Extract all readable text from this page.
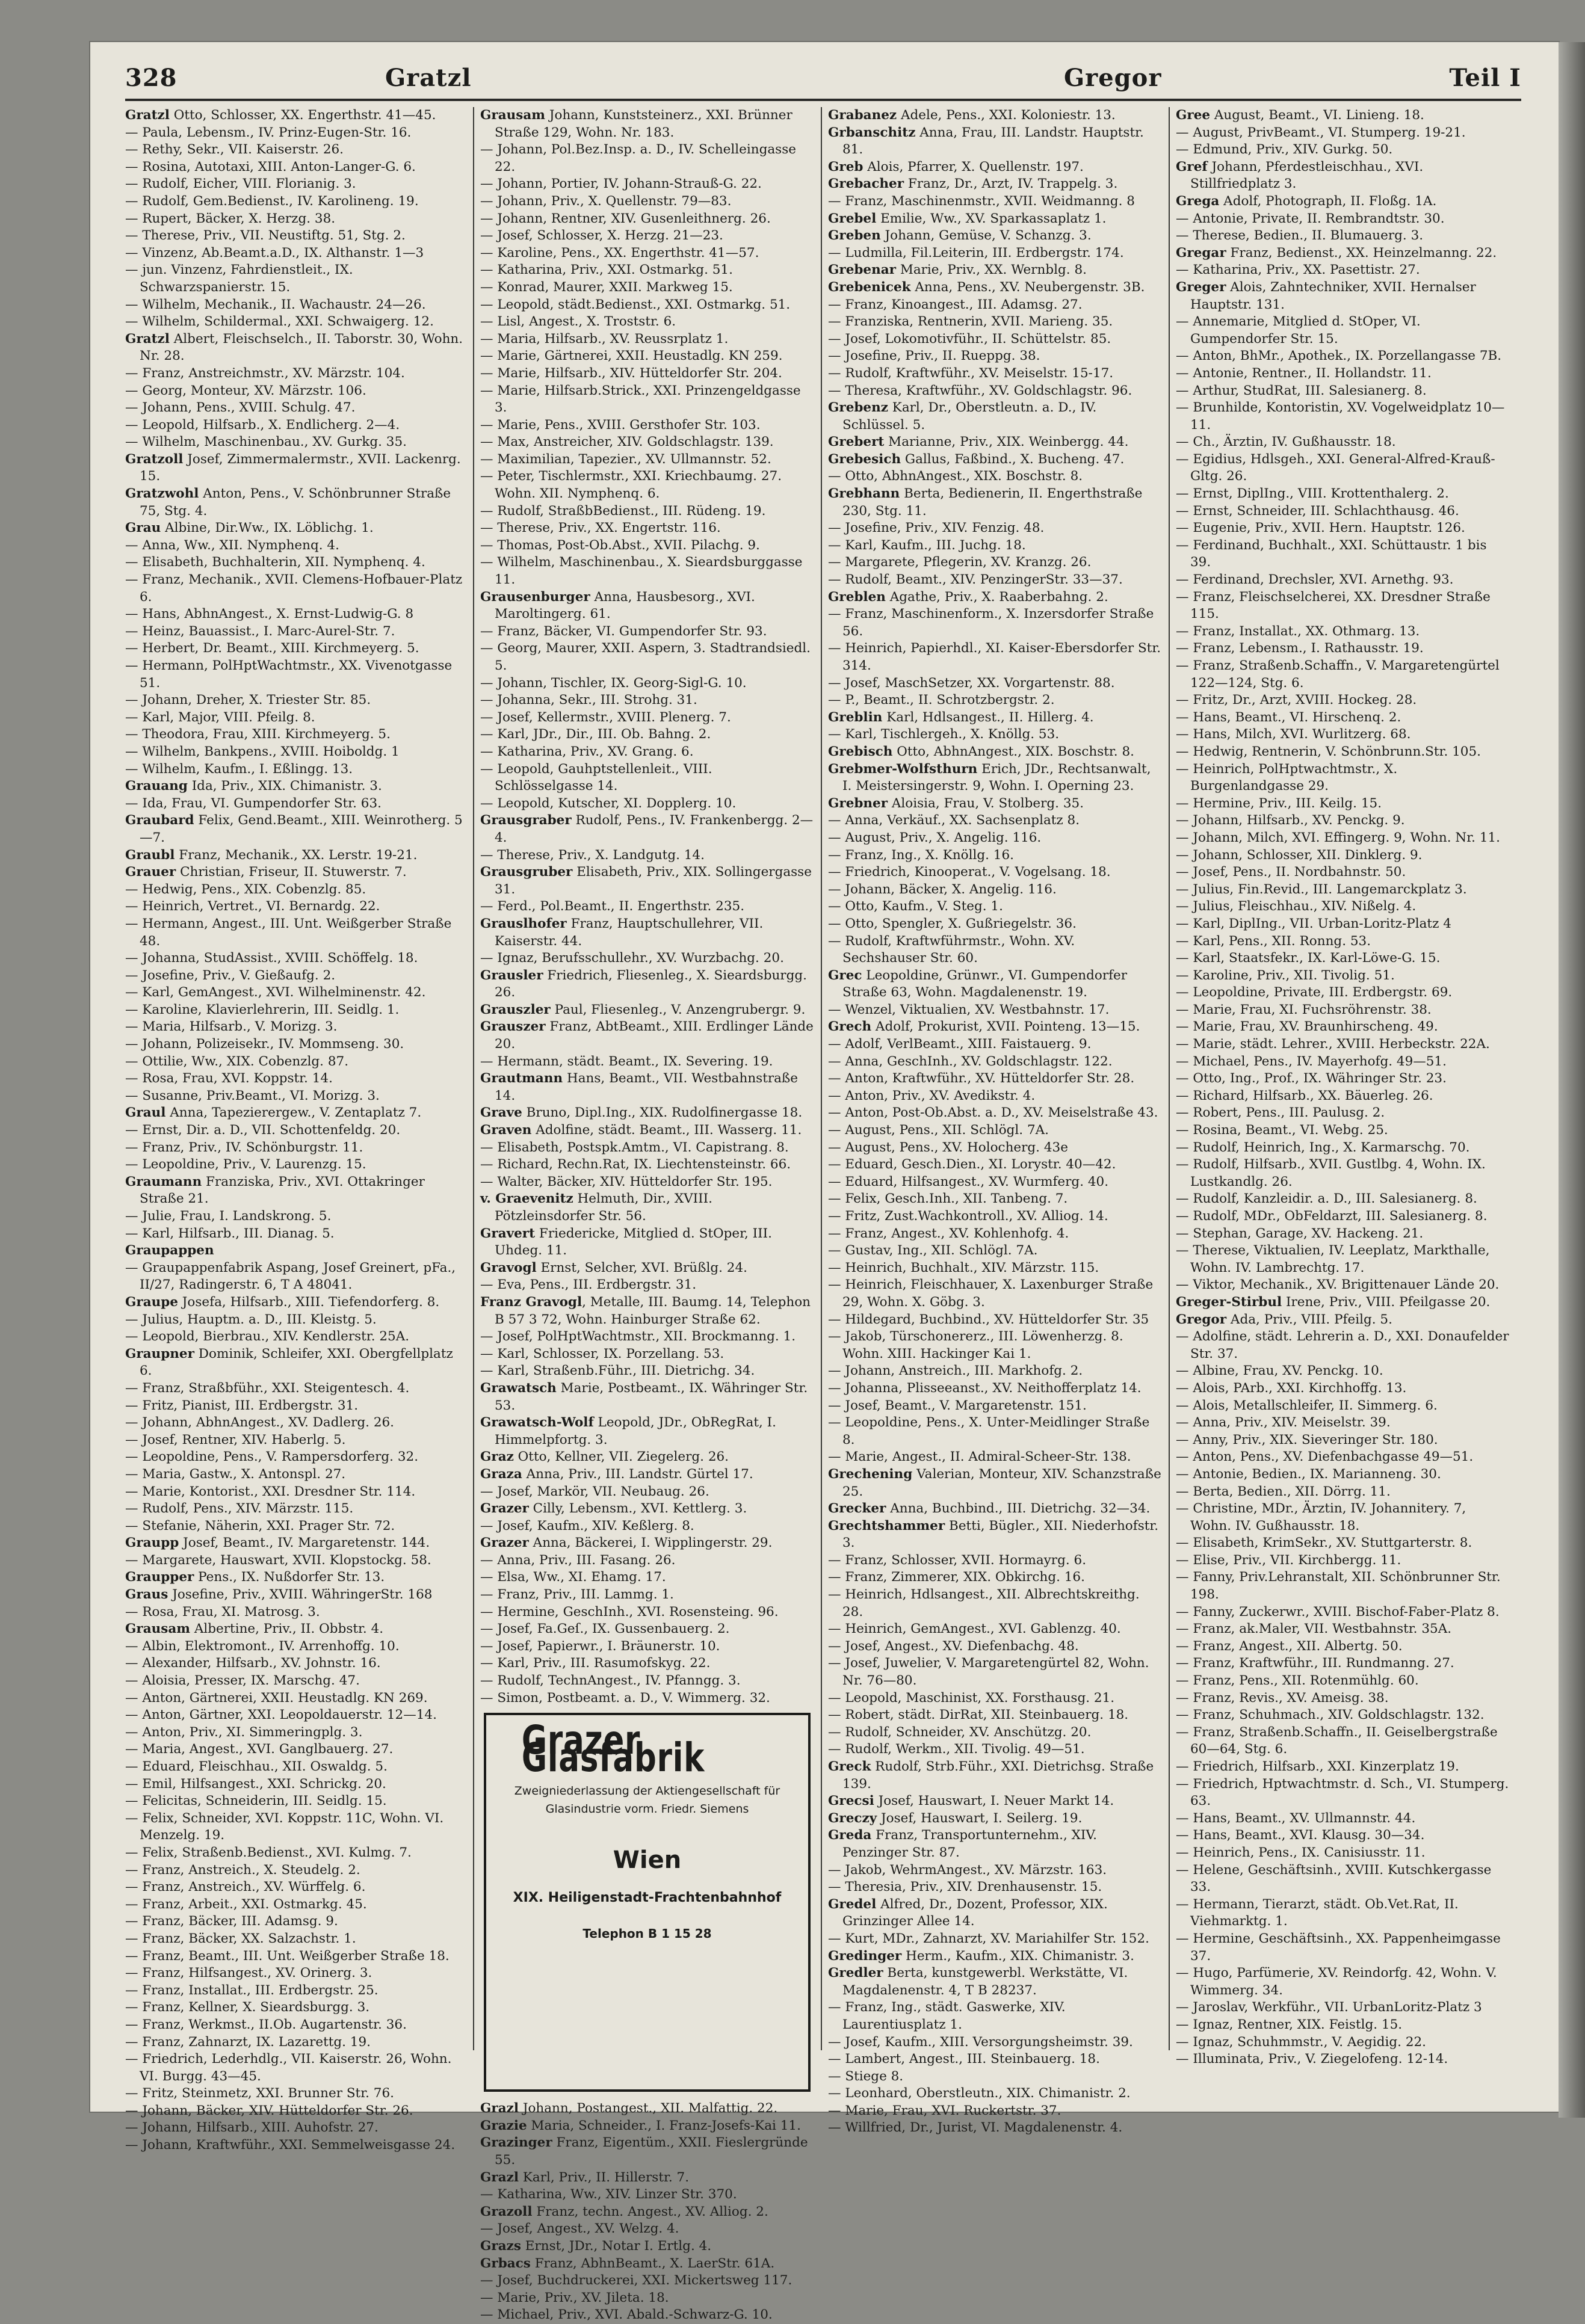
328	Gratzl	Gregor	Teil I

Gratzl Otto, Schlosser, XX. Engerthstr. 41—45.

— Paula, Lebensm., IV. Prinz-Eugen-Str. 16.

— Rethy, Sekr., VII. Kaiserstr. 26.

— Rosina, Autotaxi, XIII. Anton-Langer-G. 6.

— Rudolf, Eicher, VIII. Florianig. 3.

— Rudolf, Gem.Bedienst., IV. Karolineng. 19.

— Rupert, Bäcker, X. Herzg. 38.

— Therese, Priv., VII. Neustiftg. 51, Stg. 2.

— Vinzenz, Ab.Beamt.a.D., IX. Althanstr. 1—3

— jun. Vinzenz, Fahrdienstleit., IX. Schwarzspanierstr. 15.

— Wilhelm, Mechanik., II. Wachaustr. 24—26.

— Wilhelm, Schildermal., XXI. Schwaigerg. 12.

Gratzl Albert, Fleischselch., II. Taborstr. 30, Wohn. Nr. 28.

— Franz, Anstreichmstr., XV. Märzstr. 104.

— Georg, Monteur, XV. Märzstr. 106.

— Johann, Pens., XVIII. Schulg. 47.

— Leopold, Hilfsarb., X. Endlicherg. 2—4.

— Wilhelm, Maschinenbau., XV. Gurkg. 35.

Gratzoll Josef, Zimmermalermstr., XVII. Lackenrg. 15.

Gratzwohl Anton, Pens., V. Schönbrunner Straße 75, Stg. 4.

Grau Albine, Dir.Ww., IX. Löblichg. 1.

— Anna, Ww., XII. Nymphenq. 4.

— Elisabeth, Buchhalterin, XII. Nymphenq. 4.

— Franz, Mechanik., XVII. Clemens-Hofbauer-Platz 6.

— Hans, AbhnAngest., X. Ernst-Ludwig-G. 8

— Heinz, Bauassist., I. Marc-Aurel-Str. 7.

— Herbert, Dr. Beamt., XIII. Kirchmeyerg. 5.

— Hermann, PolHptWachtmstr., XX. Vivenotgasse 51.

— Johann, Dreher, X. Triester Str. 85.

— Karl, Major, VIII. Pfeilg. 8.

— Theodora, Frau, XIII. Kirchmeyerg. 5.

— Wilhelm, Bankpens., XVIII. Hoiboldg. 1

— Wilhelm, Kaufm., I. Eßlingg. 13.

Grauang Ida, Priv., XIX. Chimanistr. 3.

— Ida, Frau, VI. Gumpendorfer Str. 63.

Graubard Felix, Gend.Beamt., XIII. Weinrotherg. 5—7.

Graubl Franz, Mechanik., XX. Lerstr. 19-21.

Grauer Christian, Friseur, II. Stuwerstr. 7.

— Hedwig, Pens., XIX. Cobenzlg. 85.

— Heinrich, Vertret., VI. Bernardg. 22.

— Hermann, Angest., III. Unt. Weißgerber Straße 48.

— Johanna, StudAssist., XVIII. Schöffelg. 18.

— Josefine, Priv., V. Gießaufg. 2.

— Karl, GemAngest., XVI. Wilhelminenstr. 42.

— Karoline, Klavierlehrerin, III. Seidlg. 1.

— Maria, Hilfsarb., V. Morizg. 3.

— Johann, Polizeisekr., IV. Mommseng. 30.

— Ottilie, Ww., XIX. Cobenzlg. 87.

— Rosa, Frau, XVI. Koppstr. 14.

— Susanne, Priv.Beamt., VI. Morizg. 3.

Graul Anna, Tapezierergew., V. Zentaplatz 7.

— Ernst, Dir. a. D., VII. Schottenfeldg. 20.

— Franz, Priv., IV. Schönburgstr. 11.

— Leopoldine, Priv., V. Laurenzg. 15.

Graumann Franziska, Priv., XVI. Ottakringer Straße 21.

— Julie, Frau, I. Landskrong. 5.

— Karl, Hilfsarb., III. Dianag. 5.

Graupappen

— Graupappenfabrik Aspang, Josef Greinert, pFa., II/27, Radingerstr. 6, T A 48041.

Graupe Josefa, Hilfsarb., XIII. Tiefendorferg. 8.

— Julius, Hauptm. a. D., III. Kleistg. 5.

— Leopold, Bierbrau., XIV. Kendlerstr. 25A.

Graupner Dominik, Schleifer, XXI. Obergfellplatz 6.

— Franz, Straßbführ., XXI. Steigentesch. 4.

— Fritz, Pianist, III. Erdbergstr. 31.

— Johann, AbhnAngest., XV. Dadlerg. 26.

— Josef, Rentner, XIV. Haberlg. 5.

— Leopoldine, Pens., V. Rampersdorferg. 32.

— Maria, Gastw., X. Antonspl. 27.

— Marie, Kontorist., XXI. Dresdner Str. 114.

— Rudolf, Pens., XIV. Märzstr. 115.

— Stefanie, Näherin, XXI. Prager Str. 72.

Graupp Josef, Beamt., IV. Margaretenstr. 144.

— Margarete, Hauswart, XVII. Klopstockg. 58.

Graupper Pens., IX. Nußdorfer Str. 13.

Graus Josefine, Priv., XVIII. WähringerStr. 168

— Rosa, Frau, XI. Matrosg. 3.

Grausam Albertine, Priv., II. Obbstr. 4.

— Albin, Elektromont., IV. Arrenhoffg. 10.

— Alexander, Hilfsarb., XV. Johnstr. 16.

— Aloisia, Presser, IX. Marschg. 47.

— Anton, Gärtnerei, XXII. Heustadlg. KN 269.

— Anton, Gärtner, XXI. Leopoldauerstr. 12—14.

— Anton, Priv., XI. Simmeringplg. 3.

— Maria, Angest., XVI. Ganglbauerg. 27.

— Eduard, Fleischhau., XII. Oswaldg. 5.

— Emil, Hilfsangest., XXI. Schrickg. 20.

— Felicitas, Schneiderin, III. Seidlg. 15.

— Felix, Schneider, XVI. Koppstr. 11C, Wohn. VI. Menzelg. 19.

— Felix, Straßenb.Bedienst., XVI. Kulmg. 7.

— Franz, Anstreich., X. Steudelg. 2.

— Franz, Anstreich., XV. Würffelg. 6.

— Franz, Arbeit., XXI. Ostmarkg. 45.

— Franz, Bäcker, III. Adamsg. 9.

— Franz, Bäcker, XX. Salzachstr. 1.

— Franz, Beamt., III. Unt. Weißgerber Straße 18.

— Franz, Hilfsangest., XV. Orinerg. 3.

— Franz, Installat., III. Erdbergstr. 25.

— Franz, Kellner, X. Sieardsburgg. 3.

— Franz, Werkmst., II.Ob. Augartenstr. 36.

— Franz, Zahnarzt, IX. Lazarettg. 19.

— Friedrich, Lederhdlg., VII. Kaiserstr. 26, Wohn. VI. Burgg. 43—45.

— Fritz, Steinmetz, XXI. Brunner Str. 76.

— Johann, Bäcker, XIV. Hütteldorfer Str. 26.

— Johann, Hilfsarb., XIII. Auhofstr. 27.

— Johann, Kraftwführ., XXI. Semmelweisgasse 24.

Grausam Johann, Kunststeinerz., XXI. Brünner Straße 129, Wohn. Nr. 183.

— Johann, Pol.Bez.Insp. a. D., IV. Schelleingasse 22.

— Johann, Portier, IV. Johann-Strauß-G. 22.

— Johann, Priv., X. Quellenstr. 79—83.

— Johann, Rentner, XIV. Gusenleithnerg. 26.

— Josef, Schlosser, X. Herzg. 21—23.

— Karoline, Pens., XX. Engerthstr. 41—57.

— Katharina, Priv., XXI. Ostmarkg. 51.

— Konrad, Maurer, XXII. Markweg 15.

— Leopold, städt.Bedienst., XXI. Ostmarkg. 51.

— Lisl, Angest., X. Troststr. 6.

— Maria, Hilfsarb., XV. Reussrplatz 1.

— Marie, Gärtnerei, XXII. Heustadlg. KN 259.

— Marie, Hilfsarb., XIV. Hütteldorfer Str. 204.

— Marie, Hilfsarb.Strick., XXI. Prinzengeldgasse 3.

— Marie, Pens., XVIII. Gersthofer Str. 103.

— Max, Anstreicher, XIV. Goldschlagstr. 139.

— Maximilian, Tapezier., XV. Ullmannstr. 52.

— Peter, Tischlermstr., XXI. Kriechbaumg. 27. Wohn. XII. Nymphenq. 6.

— Rudolf, StraßbBedienst., III. Rüdeng. 19.

— Therese, Priv., XX. Engertstr. 116.

— Thomas, Post-Ob.Abst., XVII. Pilachg. 9.

— Wilhelm, Maschinenbau., X. Sieardsburggasse 11.

Grausenburger Anna, Hausbesorg., XVI. Maroltingerg. 61.

— Franz, Bäcker, VI. Gumpendorfer Str. 93.

— Georg, Maurer, XXII. Aspern, 3. Stadtrandsiedl. 5.

— Johann, Tischler, IX. Georg-Sigl-G. 10.

— Johanna, Sekr., III. Strohg. 31.

— Josef, Kellermstr., XVIII. Plenerg. 7.

— Karl, JDr., Dir., III. Ob. Bahng. 2.

— Katharina, Priv., XV. Grang. 6.

— Leopold, Gauhptstellenleit., VIII. Schlösselgasse 14.

— Leopold, Kutscher, XI. Dopplerg. 10.

Grausgraber Rudolf, Pens., IV. Frankenbergg. 2—4.

— Therese, Priv., X. Landgutg. 14.

Grausgruber Elisabeth, Priv., XIX. Sollingergasse 31.

— Ferd., Pol.Beamt., II. Engerthstr. 235.

Grauslhofer Franz, Hauptschullehrer, VII. Kaiserstr. 44.

— Ignaz, Berufsschullehr., XV. Wurzbachg. 20.

Grausler Friedrich, Fliesenleg., X. Sieardsburgg. 26.

Grauszler Paul, Fliesenleg., V. Anzengrubergr. 9.

Grauszer Franz, AbtBeamt., XIII. Erdlinger Lände 20.

— Hermann, städt. Beamt., IX. Severing. 19.

Grautmann Hans, Beamt., VII. Westbahnstraße 14.

Grave Bruno, Dipl.Ing., XIX. Rudolfinergasse 18.

Graven Adolfine, städt. Beamt., III. Wasserg. 11.

— Elisabeth, Postspk.Amtm., VI. Capistrang. 8.

— Richard, Rechn.Rat, IX. Liechtensteinstr. 66.

— Walter, Bäcker, XIV. Hütteldorfer Str. 195.

v. Graevenitz Helmuth, Dir., XVIII. Pötzleinsdorfer Str. 56.

Gravert Friedericke, Mitglied d. StOper, III. Uhdeg. 11.

Gravogl Ernst, Selcher, XVI. Brüßlg. 24.

— Eva, Pens., III. Erdbergstr. 31.

Franz Gravogl, Metalle, III. Baumg. 14, Telephon B 57 3 72, Wohn. Hainburger Straße 62.

— Josef, PolHptWachtmstr., XII. Brockmanng. 1.

— Karl, Schlosser, IX. Porzellang. 53.

— Karl, Straßenb.Führ., III. Dietrichg. 34.

Grawatsch Marie, Postbeamt., IX. Währinger Str. 53.

Grawatsch-Wolf Leopold, JDr., ObRegRat, I. Himmelpfortg. 3.

Graz Otto, Kellner, VII. Ziegelerg. 26.

Graza Anna, Priv., III. Landstr. Gürtel 17.

— Josef, Markör, VII. Neubaug. 26.

Grazer Cilly, Lebensm., XVI. Kettlerg. 3.

— Josef, Kaufm., XIV. Keßlerg. 8.

Grazer Anna, Bäckerei, I. Wipplingerstr. 29.

— Anna, Priv., III. Fasang. 26.

— Elsa, Ww., XI. Ehamg. 17.

— Franz, Priv., III. Lammg. 1.

— Hermine, GeschInh., XVI. Rosensteing. 96.

— Josef, Fa.Geſ., IX. Gussenbauerg. 2.

— Josef, Papierwr., I. Bräunerstr. 10.

— Karl, Priv., III. Rasumofskyg. 22.

— Rudolf, TechnAngest., IV. Pfanngg. 3.

— Simon, Postbeamt. a. D., V. Wimmerg. 32.

Grazer Glasfabrik
Zweigniederlassung der Aktiengesellschaft für Glasindustrie vorm. Friedr. Siemens
Wien
XIX. Heiligenstadt-Frachtenbahnhof
Telephon B 1 15 28

Grazl Johann, Postangest., XII. Malfattig. 22.

Grazie Maria, Schneider., I. Franz-Josefs-Kai 11.

Grazinger Franz, Eigentüm., XXII. Fieslergründe 55.

Grazl Karl, Priv., II. Hillerstr. 7.

— Katharina, Ww., XIV. Linzer Str. 370.

Grazoll Franz, techn. Angest., XV. Alliog. 2.

— Josef, Angest., XV. Welzg. 4.

Grazs Ernst, JDr., Notar I. Ertlg. 4.

Grbacs Franz, AbhnBeamt., X. LaerStr. 61A.

— Josef, Buchdruckerei, XXI. Mickertsweg 117.

— Marie, Priv., XV. Jileta. 18.

— Michael, Priv., XVI. Abald.-Schwarz-G. 10.

Grabanez Adele, Pens., XXI. Koloniestr. 13.

Grbanschitz Anna, Frau, III. Landstr. Hauptstr. 81.

Greb Alois, Pfarrer, X. Quellenstr. 197.

Grebacher Franz, Dr., Arzt, IV. Trappelg. 3.

— Franz, Maschinenmstr., XVII. Weidmanng. 8

Grebel Emilie, Ww., XV. Sparkassaplatz 1.

Greben Johann, Gemüse, V. Schanzg. 3.

— Ludmilla, Fil.Leiterin, III. Erdbergstr. 174.

Grebenar Marie, Priv., XX. Wernblg. 8.

Grebenicek Anna, Pens., XV. Neubergenstr. 3B.

— Franz, Kinoangest., III. Adamsg. 27.

— Franziska, Rentnerin, XVII. Marieng. 35.

— Josef, Lokomotivführ., II. Schüttelstr. 85.

— Josefine, Priv., II. Rueppg. 38.

— Rudolf, Kraftwführ., XV. Meiselstr. 15-17.

— Theresa, Kraftwführ., XV. Goldschlagstr. 96.

Grebenz Karl, Dr., Oberstleutn. a. D., IV. Schlüssel. 5.

Grebert Marianne, Priv., XIX. Weinbergg. 44.

Grebesich Gallus, Faßbind., X. Bucheng. 47.

— Otto, AbhnAngest., XIX. Boschstr. 8.

Grebhann Berta, Bedienerin, II. Engerthstraße 230, Stg. 11.

— Josefine, Priv., XIV. Fenzig. 48.

— Karl, Kaufm., III. Juchg. 18.

— Margarete, Pflegerin, XV. Kranzg. 26.

— Rudolf, Beamt., XIV. PenzingerStr. 33—37.

Greblen Agathe, Priv., X. Raaberbahng. 2.

— Franz, Maschinenform., X. Inzersdorfer Straße 56.

— Heinrich, Papierhdl., XI. Kaiser-Ebersdorfer Str. 314.

— Josef, MaschSetzer, XX. Vorgartenstr. 88.

— P., Beamt., II. Schrotzbergstr. 2.

Greblin Karl, Hdlsangest., II. Hillerg. 4.

— Karl, Tischlergeh., X. Knöllg. 53.

Grebisch Otto, AbhnAngest., XIX. Boschstr. 8.

Grebmer-Wolfsthurn Erich, JDr., Rechtsanwalt, I. Meistersingerstr. 9, Wohn. I. Operning 23.

Grebner Aloisia, Frau, V. Stolberg. 35.

— Anna, Verkäuf., XX. Sachsenplatz 8.

— August, Priv., X. Angelig. 116.

— Franz, Ing., X. Knöllg. 16.

— Friedrich, Kinooperat., V. Vogelsang. 18.

— Johann, Bäcker, X. Angelig. 116.

— Otto, Kaufm., V. Steg. 1.

— Otto, Spengler, X. Gußriegelstr. 36.

— Rudolf, Kraftwführmstr., Wohn. XV. Sechshauser Str. 60.

Grec Leopoldine, Grünwr., VI. Gumpendorfer Straße 63, Wohn. Magdalenenstr. 19.

— Wenzel, Viktualien, XV. Westbahnstr. 17.

Grech Adolf, Prokurist, XVII. Pointeng. 13—15.

— Adolf, VerlBeamt., XIII. Faistauerg. 9.

— Anna, GeschInh., XV. Goldschlagstr. 122.

— Anton, Kraftwführ., XV. Hütteldorfer Str. 28.

— Anton, Priv., XV. Avedikstr. 4.

— Anton, Post-Ob.Abst. a. D., XV. Meiselstraße 43.

— August, Pens., XII. Schlögl. 7A.

— August, Pens., XV. Holocherg. 43e

— Eduard, Gesch.Dien., XI. Lorystr. 40—42.

— Eduard, Hilfsangest., XV. Wurmferg. 40.

— Felix, Gesch.Inh., XII. Tanbeng. 7.

— Fritz, Zust.Wachkontroll., XV. Alliog. 14.

— Franz, Angest., XV. Kohlenhofg. 4.

— Gustav, Ing., XII. Schlögl. 7A.

— Heinrich, Buchhalt., XIV. Märzstr. 115.

— Heinrich, Fleischhauer, X. Laxenburger Straße 29, Wohn. X. Göbg. 3.

— Hildegard, Buchbind., XV. Hütteldorfer Str. 35

— Jakob, Türschonererz., III. Löwenherzg. 8. Wohn. XIII. Hackinger Kai 1.

— Johann, Anstreich., III. Markhofg. 2.

— Johanna, Plisseeanst., XV. Neithofferplatz 14.

— Josef, Beamt., V. Margaretenstr. 151.

— Leopoldine, Pens., X. Unter-Meidlinger Straße 8.

— Marie, Angest., II. Admiral-Scheer-Str. 138.

Grechening Valerian, Monteur, XIV. Schanzstraße 25.

Grecker Anna, Buchbind., III. Dietrichg. 32—34.

Grechtshammer Betti, Bügler., XII. Niederhofstr. 3.

— Franz, Schlosser, XVII. Hormayrg. 6.

— Franz, Zimmerer, XIX. Obkirchg. 16.

— Heinrich, Hdlsangest., XII. Albrechtskreithg. 28.

— Heinrich, GemAngest., XVI. Gablenzg. 40.

— Josef, Angest., XV. Diefenbachg. 48.

— Josef, Juwelier, V. Margaretengürtel 82, Wohn. Nr. 76—80.

— Leopold, Maschinist, XX. Forsthausg. 21.

— Robert, städt. DirRat, XII. Steinbauerg. 18.

— Rudolf, Schneider, XV. Anschützg. 20.

— Rudolf, Werkm., XII. Tivolig. 49—51.

Greck Rudolf, Strb.Führ., XXI. Dietrichsg. Straße 139.

Grecsi Josef, Hauswart, I. Neuer Markt 14.

Greczy Josef, Hauswart, I. Seilerg. 19.

Greda Franz, Transportunternehm., XIV. Penzinger Str. 87.

— Jakob, WehrmAngest., XV. Märzstr. 163.

— Theresia, Priv., XIV. Drenhausenstr. 15.

Gredel Alfred, Dr., Dozent, Professor, XIX. Grinzinger Allee 14.

— Kurt, MDr., Zahnarzt, XV. Mariahilfer Str. 152.

Gredinger Herm., Kaufm., XIX. Chimanistr. 3.

Gredler Berta, kunstgewerbl. Werkstätte, VI. Magdalenenstr. 4, T B 28237.

— Franz, Ing., städt. Gaswerke, XIV. Laurentiusplatz 1.

— Josef, Kaufm., XIII. Versorgungsheimstr. 39.

— Lambert, Angest., III. Steinbauerg. 18.

— Stiege 8.

— Leonhard, Oberstleutn., XIX. Chimanistr. 2.

— Marie, Frau, XVI. Ruckertstr. 37.

— Willfried, Dr., Jurist, VI. Magdalenenstr. 4.

Gree August, Beamt., VI. Linieng. 18.

— August, PrivBeamt., VI. Stumperg. 19-21.

— Edmund, Priv., XIV. Gurkg. 50.

Gref Johann, Pferdestleischhau., XVI. Stillfriedplatz 3.

Grega Adolf, Photograph, II. Floßg. 1A.

— Antonie, Private, II. Rembrandtstr. 30.

— Therese, Bedien., II. Blumauerg. 3.

Gregar Franz, Bedienst., XX. Heinzelmanng. 22.

— Katharina, Priv., XX. Pasettistr. 27.

Greger Alois, Zahntechniker, XVII. Hernalser Hauptstr. 131.

— Annemarie, Mitglied d. StOper, VI. Gumpendorfer Str. 15.

— Anton, BhMr., Apothek., IX. Porzellangasse 7B.

— Antonie, Rentner., II. Hollandstr. 11.

— Arthur, StudRat, III. Salesianerg. 8.

— Brunhilde, Kontoristin, XV. Vogelweidplatz 10—11.

— Ch., Ärztin, IV. Gußhausstr. 18.

— Egidius, Hdlsgeh., XXI. General-Alfred-Krauß-Gltg. 26.

— Ernst, DiplIng., VIII. Krottenthalerg. 2.

— Ernst, Schneider, III. Schlachthausg. 46.

— Eugenie, Priv., XVII. Hern. Hauptstr. 126.

— Ferdinand, Buchhalt., XXI. Schüttaustr. 1 bis 39.

— Ferdinand, Drechsler, XVI. Arnethg. 93.

— Franz, Fleischselcherei, XX. Dresdner Straße 115.

— Franz, Installat., XX. Othmarg. 13.

— Franz, Lebensm., I. Rathausstr. 19.

— Franz, Straßenb.Schaffn., V. Margaretengürtel 122—124, Stg. 6.

— Fritz, Dr., Arzt, XVIII. Hockeg. 28.

— Hans, Beamt., VI. Hirschenq. 2.

— Hans, Milch, XVI. Wurlitzerg. 68.

— Hedwig, Rentnerin, V. Schönbrunn.Str. 105.

— Heinrich, PolHptwachtmstr., X. Burgenlandgasse 29.

— Hermine, Priv., III. Keilg. 15.

— Johann, Hilfsarb., XV. Penckg. 9.

— Johann, Milch, XVI. Effingerg. 9, Wohn. Nr. 11.

— Johann, Schlosser, XII. Dinklerg. 9.

— Josef, Pens., II. Nordbahnstr. 50.

— Julius, Fin.Revid., III. Langemarckplatz 3.

— Julius, Fleischhau., XIV. Nißelg. 4.

— Karl, DiplIng., VII. Urban-Loritz-Platz 4

— Karl, Pens., XII. Ronng. 53.

— Karl, Staatsfekr., IX. Karl-Löwe-G. 15.

— Karoline, Priv., XII. Tivolig. 51.

— Leopoldine, Private, III. Erdbergstr. 69.

— Marie, Frau, XI. Fuchsröhrenstr. 38.

— Marie, Frau, XV. Braunhirscheng. 49.

— Marie, städt. Lehrer., XVIII. Herbeckstr. 22A.

— Michael, Pens., IV. Mayerhofg. 49—51.

— Otto, Ing., Prof., IX. Währinger Str. 23.

— Richard, Hilfsarb., XX. Bäuerleg. 26.

— Robert, Pens., III. Paulusg. 2.

— Rosina, Beamt., VI. Webg. 25.

— Rudolf, Heinrich, Ing., X. Karmarschg. 70.

— Rudolf, Hilfsarb., XVII. Gustlbg. 4, Wohn. IX. Lustkandlg. 26.

— Rudolf, Kanzleidir. a. D., III. Salesianerg. 8.

— Rudolf, MDr., ObFeldarzt, III. Salesianerg. 8.

— Stephan, Garage, XV. Hackeng. 21.

— Therese, Viktualien, IV. Leeplatz, Markthalle, Wohn. IV. Lambrechtg. 17.

— Viktor, Mechanik., XV. Brigittenauer Lände 20.

Greger-Stirbul Irene, Priv., VIII. Pfeilgasse 20.

Gregor Ada, Priv., VIII. Pfeilg. 5.

— Adolfine, städt. Lehrerin a. D., XXI. Donaufelder Str. 37.

— Albine, Frau, XV. Penckg. 10.

— Alois, PArb., XXI. Kirchhoffg. 13.

— Alois, Metallschleifer, II. Simmerg. 6.

— Anna, Priv., XIV. Meiselstr. 39.

— Anny, Priv., XIX. Sieveringer Str. 180.

— Anton, Pens., XV. Diefenbachgasse 49—51.

— Antonie, Bedien., IX. Marianneng. 30.

— Berta, Bedien., XII. Dörrg. 11.

— Christine, MDr., Ärztin, IV. Johannitery. 7, Wohn. IV. Gußhausstr. 18.

— Elisabeth, KrimSekr., XV. Stuttgarterstr. 8.

— Elise, Priv., VII. Kirchbergg. 11.

— Fanny, Priv.Lehranstalt, XII. Schönbrunner Str. 198.

— Fanny, Zuckerwr., XVIII. Bischof-Faber-Platz 8.

— Franz, ak.Maler, VII. Westbahnstr. 35A.

— Franz, Angest., XII. Albertg. 50.

— Franz, Kraftwführ., III. Rundmanng. 27.

— Franz, Pens., XII. Rotenmühlg. 60.

— Franz, Revis., XV. Ameisg. 38.

— Franz, Schuhmach., XIV. Goldschlagstr. 132.

— Franz, Straßenb.Schaffn., II. Geiselbergstraße 60—64, Stg. 6.

— Friedrich, Hilfsarb., XXI. Kinzerplatz 19.

— Friedrich, Hptwachtmstr. d. Sch., VI. Stumperg. 63.

— Hans, Beamt., XV. Ullmannstr. 44.

— Hans, Beamt., XVI. Klausg. 30—34.

— Heinrich, Pens., IX. Canisiusstr. 11.

— Helene, Geschäftsinh., XVIII. Kutschkergasse 33.

— Hermann, Tierarzt, städt. Ob.Vet.Rat, II. Viehmarktg. 1.

— Hermine, Geschäftsinh., XX. Pappenheimgasse 37.

— Hugo, Parfümerie, XV. Reindorfg. 42, Wohn. V. Wimmerg. 34.

— Jaroslav, Werkführ., VII. UrbanLoritz-Platz 3

— Ignaz, Rentner, XIX. Feistlg. 15.

— Ignaz, Schuhmmstr., V. Aegidig. 22.

— Illuminata, Priv., V. Ziegelofeng. 12-14.
